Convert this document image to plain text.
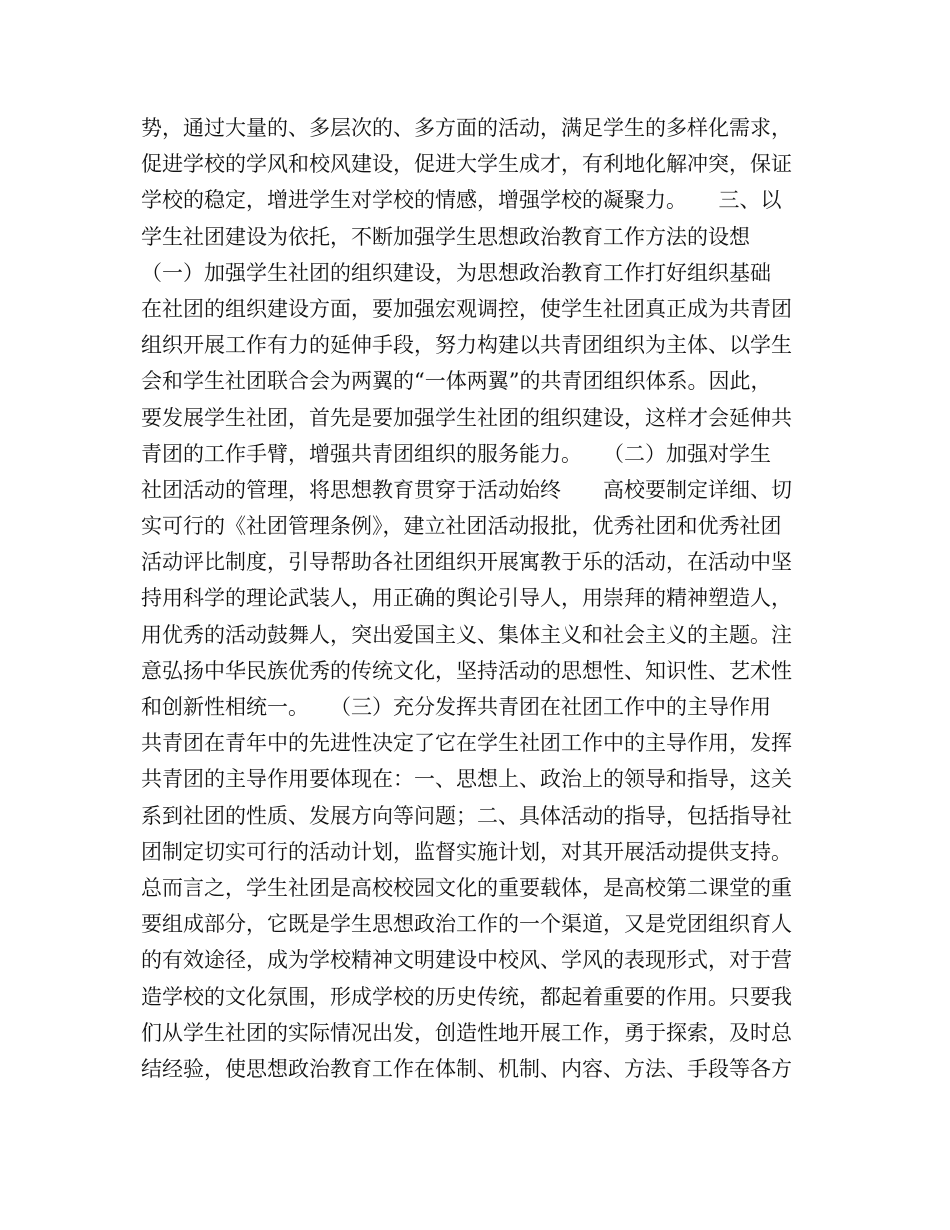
势，通过大量的、多层次的、多方面的活动，满足学生的多样化需求，
促进学校的学风和校风建设，促进大学生成才，有利地化解冲突，保证
学校的稳定，增进学生对学校的情感，增强学校的凝聚力。　　三、以
学生社团建设为依托，不断加强学生思想政治教育工作方法的设想
（一）加强学生社团的组织建设，为思想政治教育工作打好组织基础
在社团的组织建设方面，要加强宏观调控，使学生社团真正成为共青团
组织开展工作有力的延伸手段，努力构建以共青团组织为主体、以学生
会和学生社团联合会为两翼的“一体两翼”的共青团组织体系。因此，
要发展学生社团，首先是要加强学生社团的组织建设，这样才会延伸共
青团的工作手臂，增强共青团组织的服务能力。　　（二）加强对学生
社团活动的管理，将思想教育贯穿于活动始终　　高校要制定详细、切
实可行的《社团管理条例》，建立社团活动报批，优秀社团和优秀社团
活动评比制度，引导帮助各社团组织开展寓教于乐的活动，在活动中坚
持用科学的理论武装人，用正确的舆论引导人，用崇拜的精神塑造人，
用优秀的活动鼓舞人，突出爱国主义、集体主义和社会主义的主题。注
意弘扬中华民族优秀的传统文化，坚持活动的思想性、知识性、艺术性
和创新性相统一。　　（三）充分发挥共青团在社团工作中的主导作用
共青团在青年中的先进性决定了它在学生社团工作中的主导作用，发挥
共青团的主导作用要体现在：一、思想上、政治上的领导和指导，这关
系到社团的性质、发展方向等问题；二、具体活动的指导，包括指导社
团制定切实可行的活动计划，监督实施计划，对其开展活动提供支持。
总而言之，学生社团是高校校园文化的重要载体，是高校第二课堂的重
要组成部分，它既是学生思想政治工作的一个渠道，又是党团组织育人
的有效途径，成为学校精神文明建设中校风、学风的表现形式，对于营
造学校的文化氛围，形成学校的历史传统，都起着重要的作用。只要我
们从学生社团的实际情况出发，创造性地开展工作，勇于探索，及时总
结经验，使思想政治教育工作在体制、机制、内容、方法、手段等各方
